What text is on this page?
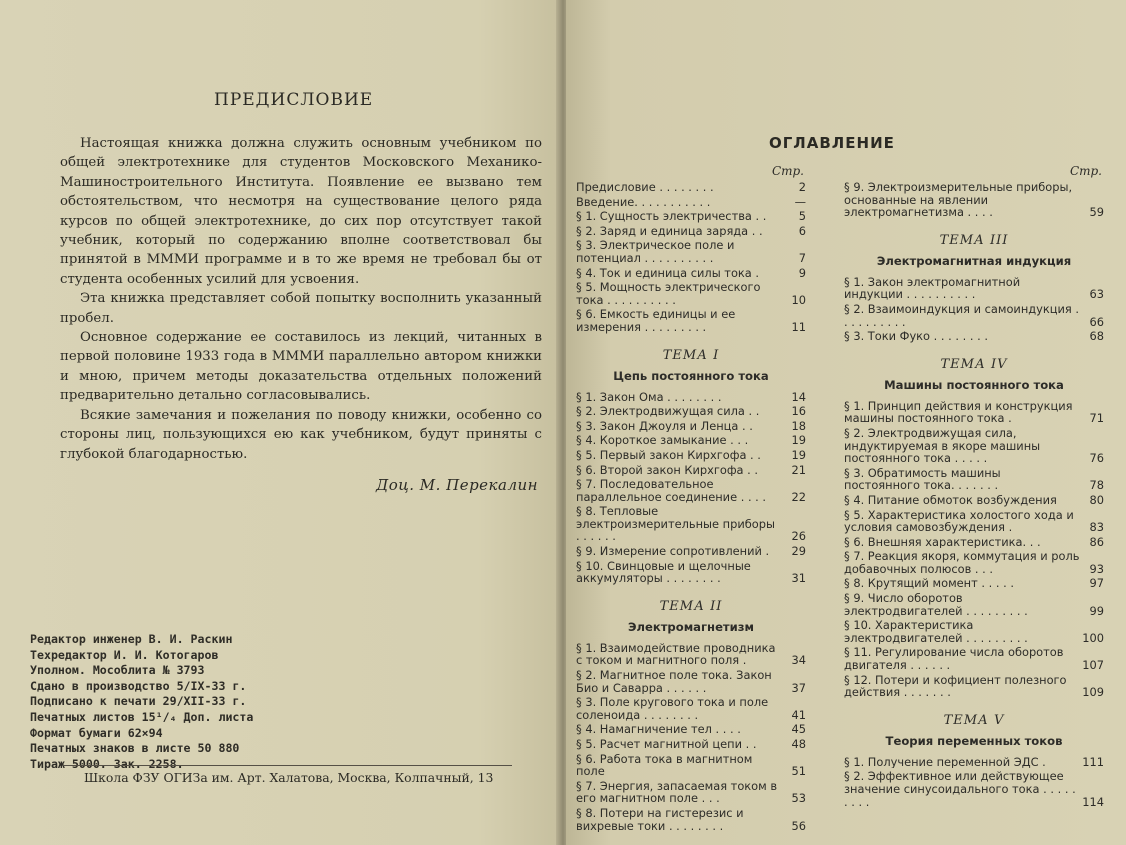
ПРЕДИСЛОВИЕ

Настоящая книжка должна служить основным учебником по общей электротехнике для студентов Московского Механико-Машиностроительного Института. Появление ее вызвано тем обстоятельством, что несмотря на существование целого ряда курсов по общей электротехнике, до сих пор отсутствует такой учебник, который по содержанию вполне соответствовал бы принятой в МММИ программе и в то же время не требовал бы от студента особенных усилий для усвоения.

Эта книжка представляет собой попытку восполнить указанный пробел.

Основное содержание ее составилось из лекций, читанных в первой половине 1933 года в МММИ параллельно автором книжки и мною, причем методы доказательства отдельных положений предварительно детально согласовывались.

Всякие замечания и пожелания по поводу книжки, особенно со стороны лиц, пользующихся ею как учебником, будут приняты с глубокой благодарностью.

Доц. М. Перекалин
Редактор инженер В. И. Раскин
Техредактор И. И. Котогаров
Уполном. Мособлита № 3793
Сдано в производство 5/IX-33 г.
Подписано к печати 29/XII-33 г.
Печатных листов 15¹/₄ Доп. листа
Формат бумаги 62×94
Печатных знаков в листе 50 880
Тираж 5000. Зак. 2258.
Школа ФЗУ ОГИЗа им. Арт. Халатова, Москва, Колпачный, 13
ОГЛАВЛЕНИЕ
Стр.
Предисловие . . . . . . . .	2
Введение. . . . . . . . . . .	—
§ 1. Сущность электричества . .	5
§ 2. Заряд и единица заряда . .	6
§ 3. Электрическое поле и потенциал . . . . . . . . . .	7
§ 4. Ток и единица силы тока .	9
§ 5. Мощность электрического тока . . . . . . . . . .	10
§ 6. Емкость единицы и ее измерения . . . . . . . . .	11
ТЕМА I
Цепь постоянного тока
§ 1. Закон Ома . . . . . . . .	14
§ 2. Электродвижущая сила . .	16
§ 3. Закон Джоуля и Ленца . .	18
§ 4. Короткое замыкание . . .	19
§ 5. Первый закон Кирхгофа . .	19
§ 6. Второй закон Кирхгофа . .	21
§ 7. Последовательное параллельное соединение . . . .	22
§ 8. Тепловые электроизмерительные приборы . . . . . .	26
§ 9. Измерение сопротивлений .	29
§ 10. Свинцовые и щелочные аккумуляторы . . . . . . . .	31
ТЕМА II
Электромагнетизм
§ 1. Взаимодействие проводника с током и магнитного поля .	34
§ 2. Магнитное поле тока. Закон Био и Саварра . . . . . .	37
§ 3. Поле кругового тока и поле соленоида . . . . . . . .	41
§ 4. Намагничение тел . . . .	45
§ 5. Расчет магнитной цепи . .	48
§ 6. Работа тока в магнитном поле	51
§ 7. Энергия, запасаемая током в его магнитном поле . . .	53
§ 8. Потери на гистерезис и вихревые токи . . . . . . . .	56
Стр.
§ 9. Электроизмерительные приборы, основанные на явлении электромагнетизма . . . .	59
ТЕМА III
Электромагнитная индукция
§ 1. Закон электромагнитной индукции . . . . . . . . . .	63
§ 2. Взаимоиндукция и самоиндукция . . . . . . . . . .	66
§ 3. Токи Фуко . . . . . . . .	68
ТЕМА IV
Машины постоянного тока
§ 1. Принцип действия и конструкция машины постоянного тока .	71
§ 2. Электродвижущая сила, индуктируемая в якоре машины постоянного тока . . . . .	76
§ 3. Обратимость машины постоянного тока. . . . . . .	78
§ 4. Питание обмоток возбуждения	80
§ 5. Характеристика холостого хода и условия самовозбуждения .	83
§ 6. Внешняя характеристика. . .	86
§ 7. Реакция якоря, коммутация и роль добавочных полюсов . . .	93
§ 8. Крутящий момент . . . . .	97
§ 9. Число оборотов электродвигателей . . . . . . . . .	99
§ 10. Характеристика электродвигателей . . . . . . . . .	100
§ 11. Регулирование числа оборотов двигателя . . . . . .	107
§ 12. Потери и кофициент полезного действия . . . . . . .	109
ТЕМА V
Теория переменных токов
§ 1. Получение переменной ЭДС .	111
§ 2. Эффективное или действующее значение синусоидального тока . . . . . . . . .	114
